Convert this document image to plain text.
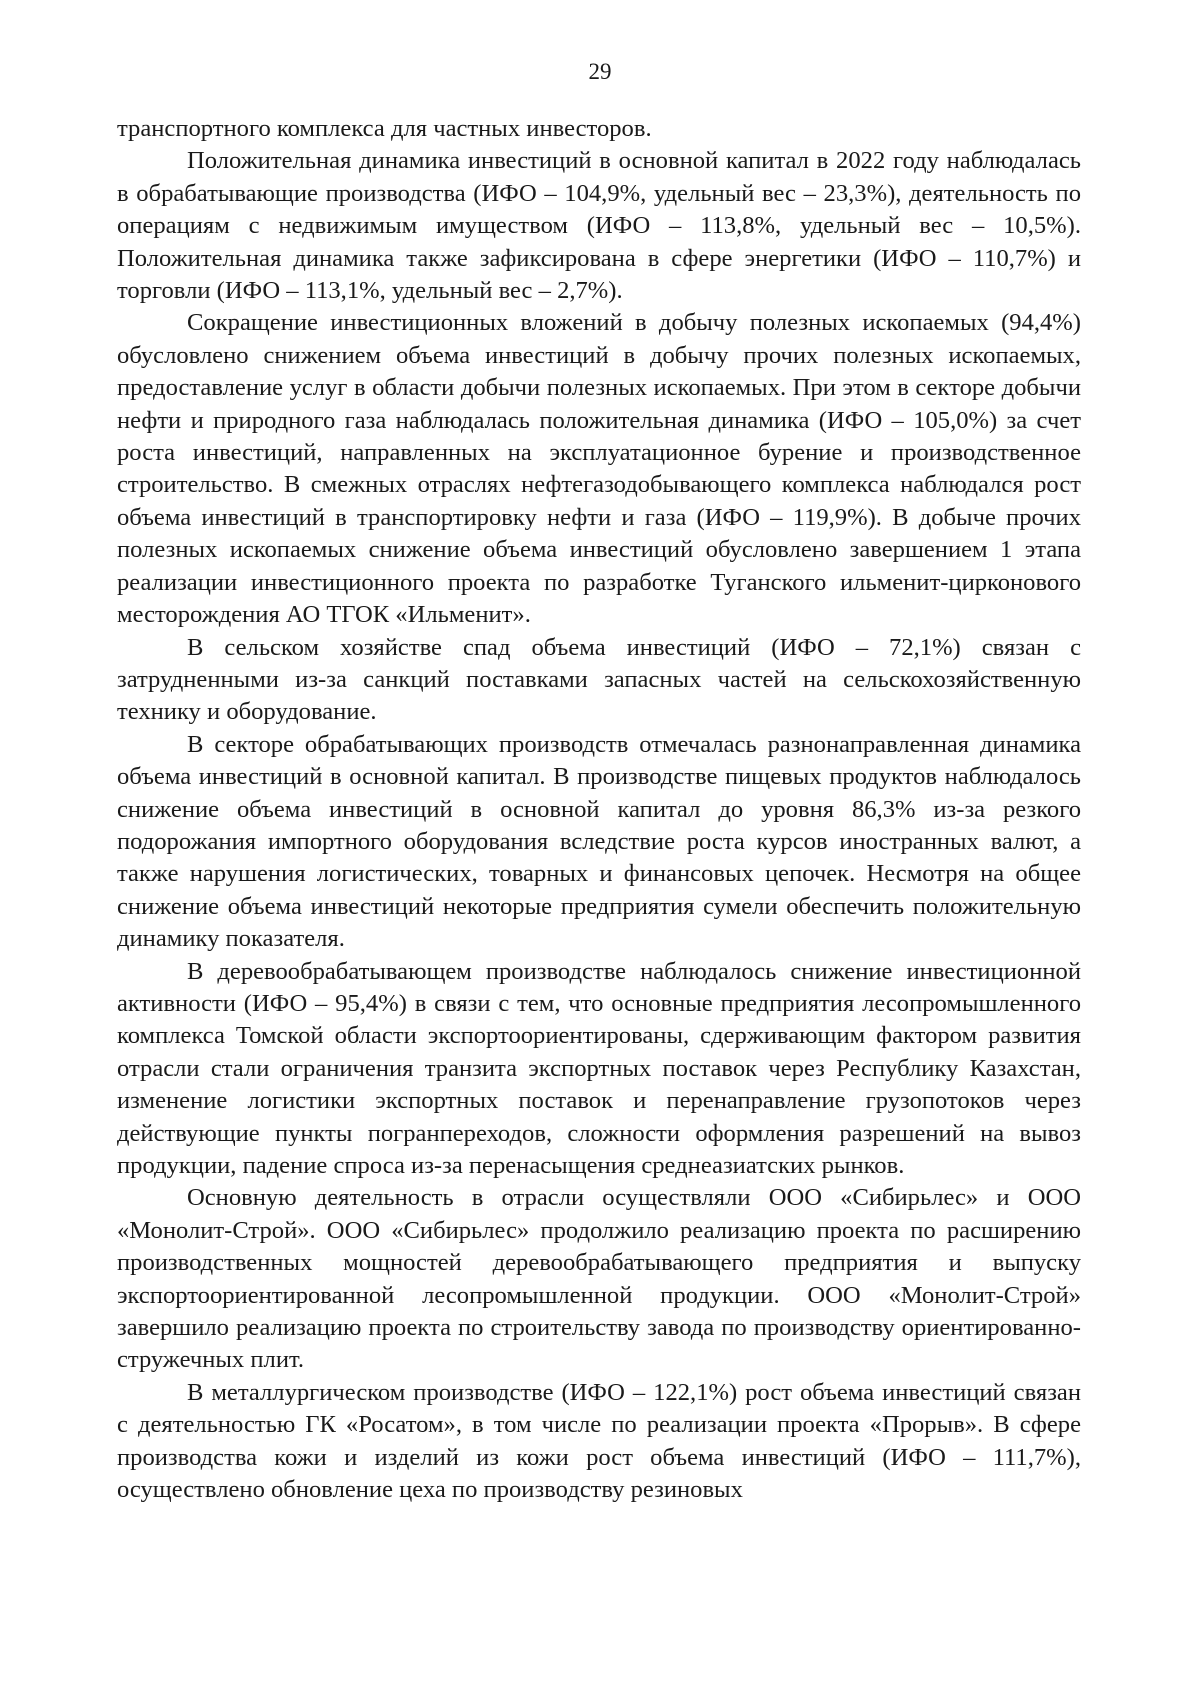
29

транспортного комплекса для частных инвесторов.

Положительная динамика инвестиций в основной капитал в 2022 году наблюдалась в обрабатывающие производства (ИФО – 104,9%, удельный вес – 23,3%), деятельность по операциям с недвижимым имуществом (ИФО – 113,8%, удельный вес – 10,5%). Положительная динамика также зафиксирована в сфере энергетики (ИФО – 110,7%) и торговли (ИФО – 113,1%, удельный вес – 2,7%).

Сокращение инвестиционных вложений в добычу полезных ископаемых (94,4%) обусловлено снижением объема инвестиций в добычу прочих полезных ископаемых, предоставление услуг в области добычи полезных ископаемых. При этом в секторе добычи нефти и природного газа наблюдалась положительная динамика (ИФО – 105,0%) за счет роста инвестиций, направленных на эксплуатационное бурение и производственное строительство. В смежных отраслях нефтегазодобывающего комплекса наблюдался рост объема инвестиций в транспортировку нефти и газа (ИФО – 119,9%). В добыче прочих полезных ископаемых снижение объема инвестиций обусловлено завершением 1 этапа реализации инвестиционного проекта по разработке Туганского ильменит-цирконового месторождения АО ТГОК «Ильменит».

В сельском хозяйстве спад объема инвестиций (ИФО – 72,1%) связан с затрудненными из-за санкций поставками запасных частей на сельскохозяйственную технику и оборудование.

В секторе обрабатывающих производств отмечалась разнонаправленная динамика объема инвестиций в основной капитал. В производстве пищевых продуктов наблюдалось снижение объема инвестиций в основной капитал до уровня 86,3% из-за резкого подорожания импортного оборудования вследствие роста курсов иностранных валют, а также нарушения логистических, товарных и финансовых цепочек. Несмотря на общее снижение объема инвестиций некоторые предприятия сумели обеспечить положительную динамику показателя.

В деревообрабатывающем производстве наблюдалось снижение инвестиционной активности (ИФО – 95,4%) в связи с тем, что основные предприятия лесопромышленного комплекса Томской области экспортоориентированы, сдерживающим фактором развития отрасли стали ограничения транзита экспортных поставок через Республику Казахстан, изменение логистики экспортных поставок и перенаправление грузопотоков через действующие пункты погранпереходов, сложности оформления разрешений на вывоз продукции, падение спроса из-за перенасыщения среднеазиатских рынков.

Основную деятельность в отрасли осуществляли ООО «Сибирьлес» и ООО «Монолит-Строй». ООО «Сибирьлес» продолжило реализацию проекта по расширению производственных мощностей деревообрабатывающего предприятия и выпуску экспортоориентированной лесопромышленной продукции. ООО «Монолит-Строй» завершило реализацию проекта по строительству завода по производству ориентированно-стружечных плит.

В металлургическом производстве (ИФО – 122,1%) рост объема инвестиций связан с деятельностью ГК «Росатом», в том числе по реализации проекта «Прорыв». В сфере производства кожи и изделий из кожи рост объема инвестиций (ИФО – 111,7%), осуществлено обновление цеха по производству резиновых
